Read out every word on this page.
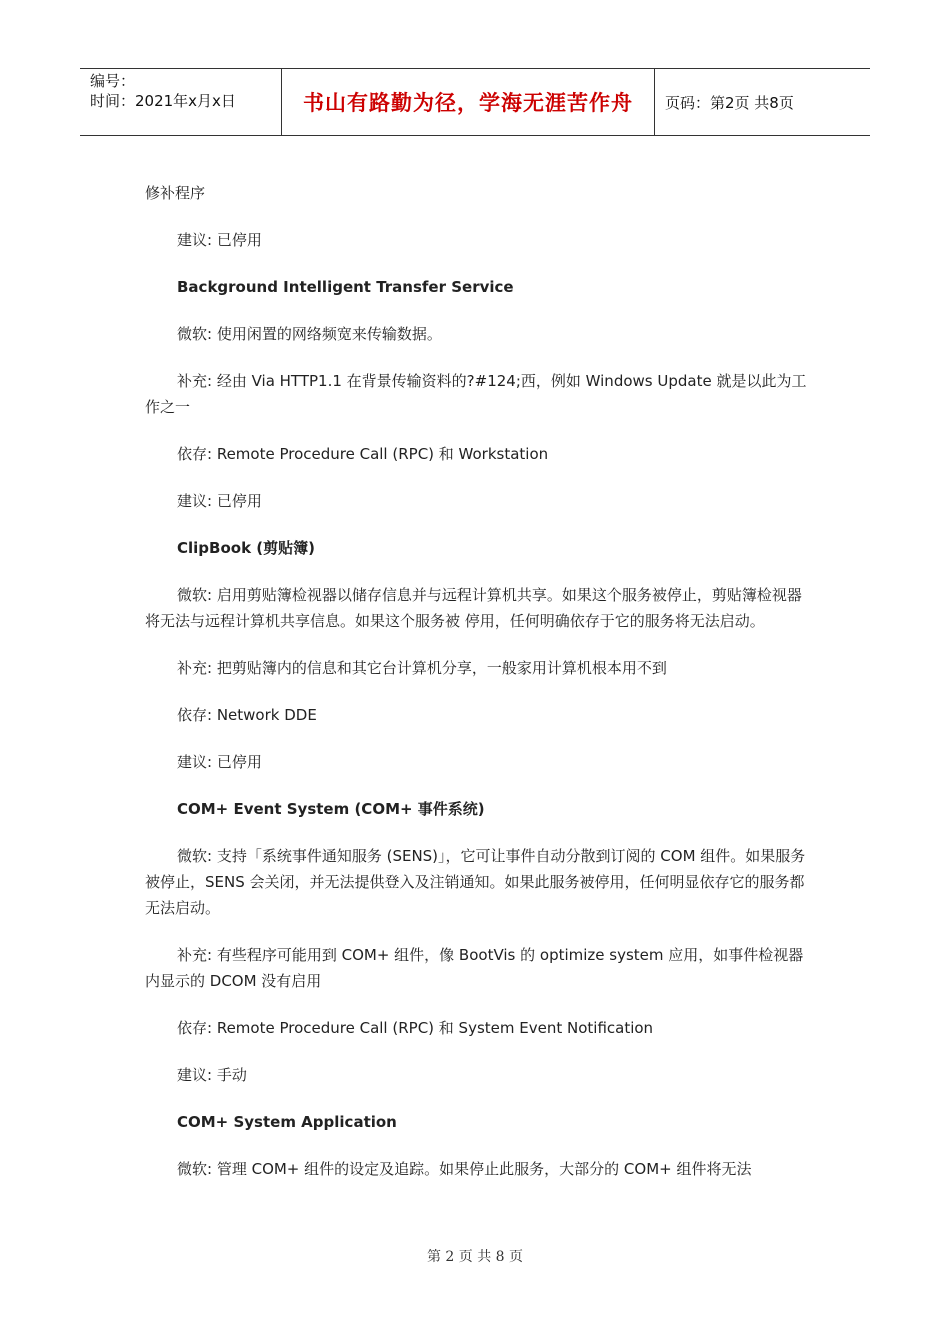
编号：
时间：2021年x月x日	书山有路勤为径，学海无涯苦作舟 页码：第2页 共8页

修补程序

建议: 已停用

Background Intelligent Transfer Service

微软: 使用闲置的网络频宽来传输数据。

补充: 经由 Via HTTP1.1 在背景传输资料的?#124;西，例如 Windows Update 就是以此为工作之一

依存: Remote Procedure Call (RPC) 和 Workstation

建议: 已停用

ClipBook (剪贴簿)

微软: 启用剪贴簿检视器以储存信息并与远程计算机共享。如果这个服务被停止，剪贴簿检视器将无法与远程计算机共享信息。如果这个服务被 停用，任何明确依存于它的服务将无法启动。

补充: 把剪贴簿内的信息和其它台计算机分享，一般家用计算机根本用不到

依存: Network DDE

建议: 已停用

COM+ Event System (COM+ 事件系统)

微软: 支持「系统事件通知服务 (SENS)」，它可让事件自动分散到订阅的 COM 组件。如果服务被停止，SENS 会关闭，并无法提供登入及注销通知。如果此服务被停用，任何明显依存它的服务都无法启动。

补充: 有些程序可能用到 COM+ 组件，像 BootVis 的 optimize system 应用，如事件检视器内显示的 DCOM 没有启用

依存: Remote Procedure Call (RPC) 和 System Event Notification

建议: 手动

COM+ System Application

微软: 管理 COM+ 组件的设定及追踪。如果停止此服务，大部分的 COM+ 组件将无法

第 2 页 共 8 页
